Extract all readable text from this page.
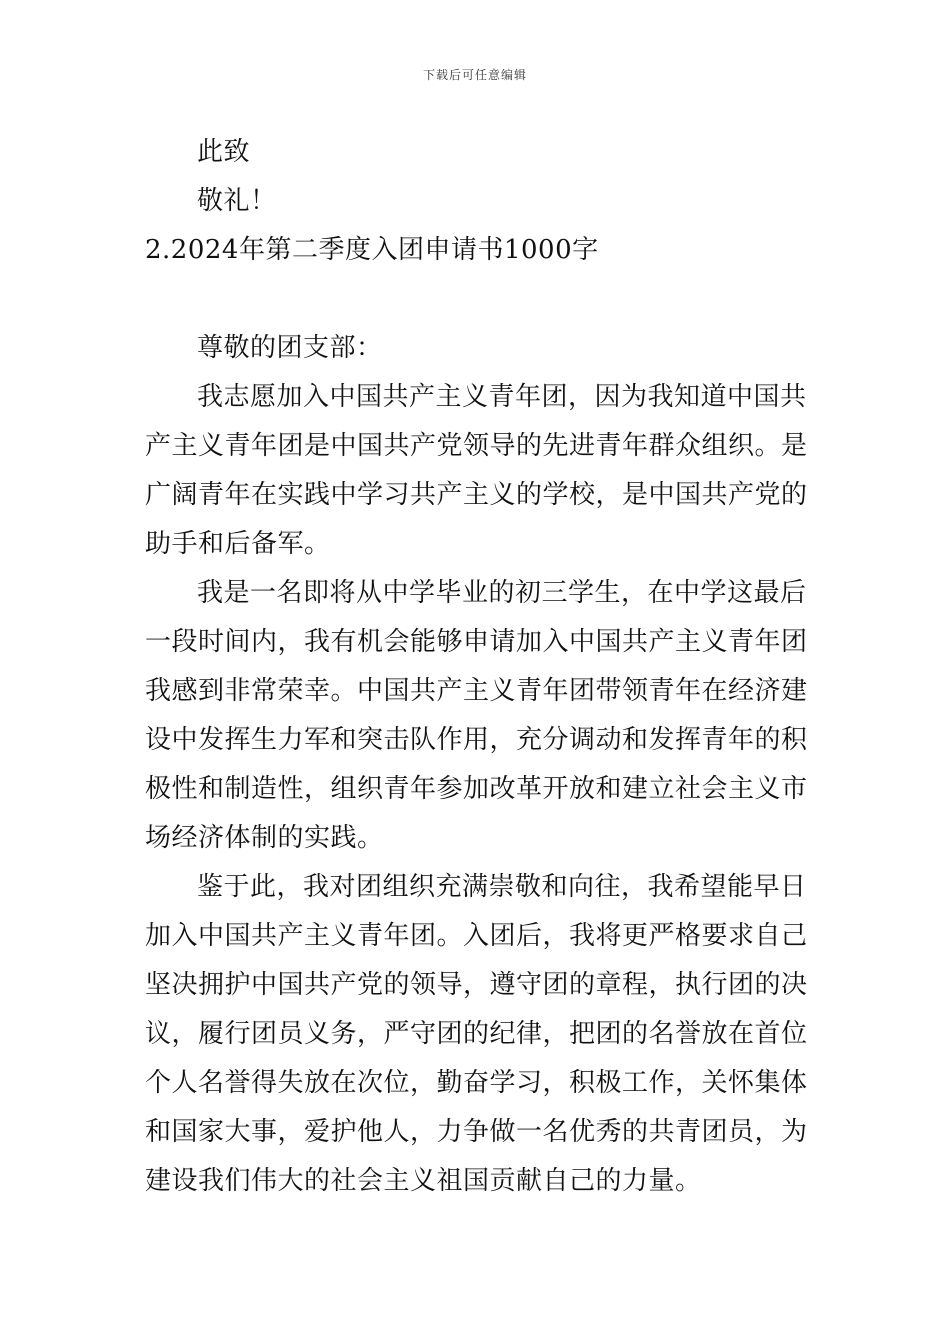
下载后可任意编辑
此致
敬礼！
2.2024年第二季度入团申请书1000字
尊敬的团支部：
我志愿加入中国共产主义青年团，因为我知道中国共
产主义青年团是中国共产党领导的先进青年群众组织。是
广阔青年在实践中学习共产主义的学校，是中国共产党的
助手和后备军。
我是一名即将从中学毕业的初三学生，在中学这最后
一段时间内，我有机会能够申请加入中国共产主义青年团
我感到非常荣幸。中国共产主义青年团带领青年在经济建
设中发挥生力军和突击队作用，充分调动和发挥青年的积
极性和制造性，组织青年参加改革开放和建立社会主义市
场经济体制的实践。
鉴于此，我对团组织充满崇敬和向往，我希望能早日
加入中国共产主义青年团。入团后，我将更严格要求自己
坚决拥护中国共产党的领导，遵守团的章程，执行团的决
议，履行团员义务，严守团的纪律，把团的名誉放在首位
个人名誉得失放在次位，勤奋学习，积极工作，关怀集体
和国家大事，爱护他人，力争做一名优秀的共青团员，为
建设我们伟大的社会主义祖国贡献自己的力量。
